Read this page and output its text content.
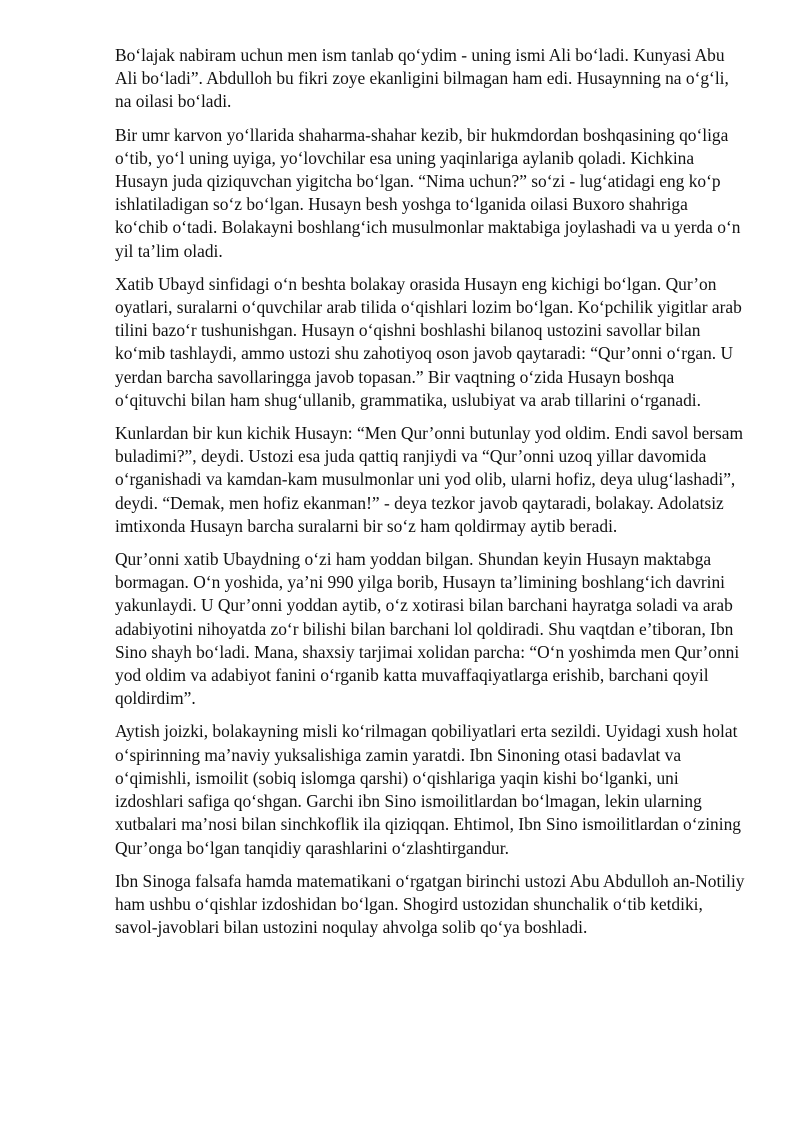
Bo‘lajak nabiram uchun men ism tanlab qo‘ydim - uning ismi Ali bo‘ladi. Kunyasi Abu Ali bo‘ladi”. Abdulloh bu fikri zoye ekanligini bilmagan ham edi. Husaynning na o‘g‘li, na oilasi bo‘ladi.

Bir umr karvon yo‘llarida shaharma-shahar kezib, bir hukmdordan boshqasining qo‘liga o‘tib, yo‘l uning uyiga, yo‘lovchilar esa uning yaqinlariga aylanib qoladi. Kichkina Husayn juda qiziquvchan yigitcha bo‘lgan. “Nima uchun?” so‘zi - lug‘atidagi eng ko‘p ishlatiladigan so‘z bo‘lgan. Husayn besh yoshga to‘lganida oilasi Buxoro shahriga ko‘chib o‘tadi. Bolakayni boshlang‘ich musulmonlar maktabiga joylashadi va u yerda o‘n yil ta’lim oladi.

Xatib Ubayd sinfidagi o‘n beshta bolakay orasida Husayn eng kichigi bo‘lgan. Qur’on oyatlari, suralarni o‘quvchilar arab tilida o‘qishlari lozim bo‘lgan. Ko‘pchilik yigitlar arab tilini bazo‘r tushunishgan. Husayn o‘qishni boshlashi bilanoq ustozini savollar bilan ko‘mib tashlaydi, ammo ustozi shu zahotiyoq oson javob qaytaradi: “Qur’onni o‘rgan. U yerdan barcha savollaringga javob topasan.” Bir vaqtning o‘zida Husayn boshqa o‘qituvchi bilan ham shug‘ullanib, grammatika, uslubiyat va arab tillarini o‘rganadi.

Kunlardan bir kun kichik Husayn: “Men Qur’onni butunlay yod oldim. Endi savol bersam buladimi?”, deydi. Ustozi esa juda qattiq ranjiydi va “Qur’onni uzoq yillar davomida o‘rganishadi va kamdan-kam musulmonlar uni yod olib, ularni hofiz, deya ulug‘lashadi”, deydi. “Demak, men hofiz ekanman!” - deya tezkor javob qaytaradi, bolakay. Adolatsiz imtixonda Husayn barcha suralarni bir so‘z ham qoldirmay aytib beradi.

Qur’onni xatib Ubaydning o‘zi ham yoddan bilgan. Shundan keyin Husayn maktabga bormagan. O‘n yoshida, ya’ni 990 yilga borib, Husayn ta’limining boshlang‘ich davrini yakunlaydi. U Qur’onni yoddan aytib, o‘z xotirasi bilan barchani hayratga soladi va arab adabiyotini nihoyatda zo‘r bilishi bilan barchani lol qoldiradi. Shu vaqtdan e’tiboran, Ibn Sino shayh bo‘ladi. Mana, shaxsiy tarjimai xolidan parcha: “O‘n yoshimda men Qur’onni yod oldim va adabiyot fanini o‘rganib katta muvaffaqiyatlarga erishib, barchani qoyil qoldirdim”.

Aytish joizki, bolakayning misli ko‘rilmagan qobiliyatlari erta sezildi. Uyidagi xush holat o‘spirinning ma’naviy yuksalishiga zamin yaratdi. Ibn Sinoning otasi badavlat va o‘qimishli, ismoilit (sobiq islomga qarshi) o‘qishlariga yaqin kishi bo‘lganki, uni izdoshlari safiga qo‘shgan. Garchi ibn Sino ismoilitlardan bo‘lmagan, lekin ularning xutbalari ma’nosi bilan sinchkoflik ila qiziqqan. Ehtimol, Ibn Sino ismoilitlardan o‘zining Qur’onga bo‘lgan tanqidiy qarashlarini o‘zlashtirgandur.

Ibn Sinoga falsafa hamda matematikani o‘rgatgan birinchi ustozi Abu Abdulloh an-Notiliy ham ushbu o‘qishlar izdoshidan bo‘lgan. Shogird ustozidan shunchalik o‘tib ketdiki, savol-javoblari bilan ustozini noqulay ahvolga solib qo‘ya boshladi.
